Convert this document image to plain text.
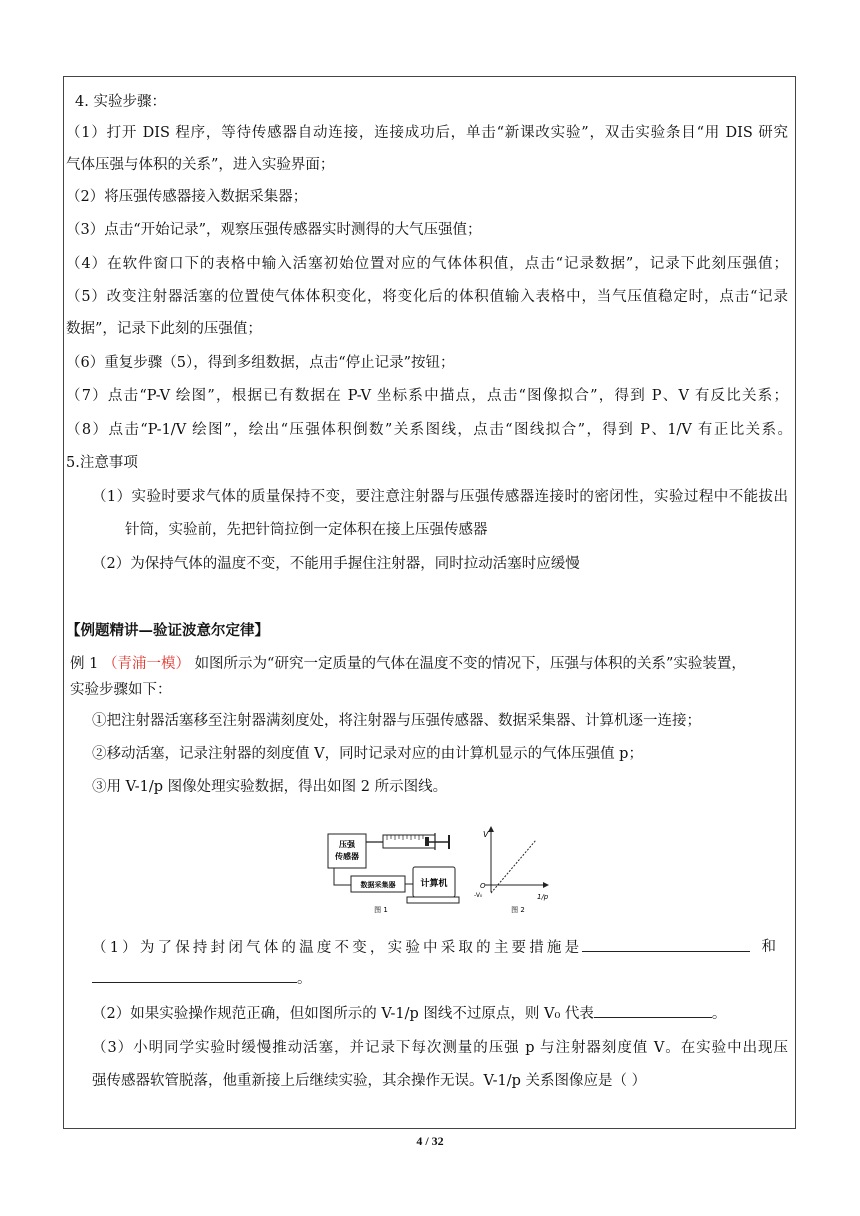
4. 实验步骤：
（1）打开 DIS 程序，等待传感器自动连接，连接成功后，单击“新课改实验”，双击实验条目“用 DIS 研究
气体压强与体积的关系”，进入实验界面；
（2）将压强传感器接入数据采集器；
（3）点击“开始记录”，观察压强传感器实时测得的大气压强值；
（4）在软件窗口下的表格中输入活塞初始位置对应的气体体积值，点击“记录数据”，记录下此刻压强值；
（5）改变注射器活塞的位置使气体体积变化，将变化后的体积值输入表格中，当气压值稳定时，点击“记录
数据”，记录下此刻的压强值；
（6）重复步骤（5），得到多组数据，点击“停止记录”按钮；
（7）点击“P-V 绘图”，根据已有数据在 P-V 坐标系中描点，点击“图像拟合”，得到 P、V 有反比关系；
（8）点击“P-1/V 绘图”，绘出“压强体积倒数”关系图线，点击“图线拟合”，得到 P、1/V 有正比关系。
5.注意事项
（1）实验时要求气体的质量保持不变，要注意注射器与压强传感器连接时的密闭性，实验过程中不能拔出
针筒，实验前，先把针筒拉倒一定体积在接上压强传感器
（2）为保持气体的温度不变，不能用手握住注射器，同时拉动活塞时应缓慢
【例题精讲—验证波意尔定律】
例 1 （青浦一模） 如图所示为“研究一定质量的气体在温度不变的情况下，压强与体积的关系”实验装置，
实验步骤如下：
①把注射器活塞移至注射器满刻度处，将注射器与压强传感器、数据采集器、计算机逐一连接；
②移动活塞，记录注射器的刻度值 V，同时记录对应的由计算机显示的气体压强值 p；
③用 V-1/p 图像处理实验数据，得出如图 2 所示图线。
压强
传感器
数据采集器	计算机
图 1
V
1/p
O
-V₀
图 2
（1）为了保持封闭气体的温度不变，实验中采取的主要措施是	和
。
（2）如果实验操作规范正确，但如图所示的 V-1/p 图线不过原点，则 V₀ 代表	。
（3）小明同学实验时缓慢推动活塞，并记录下每次测量的压强 p 与注射器刻度值 V。在实验中出现压
强传感器软管脱落，他重新接上后继续实验，其余操作无误。V-1/p 关系图像应是（ ）
4 / 32
